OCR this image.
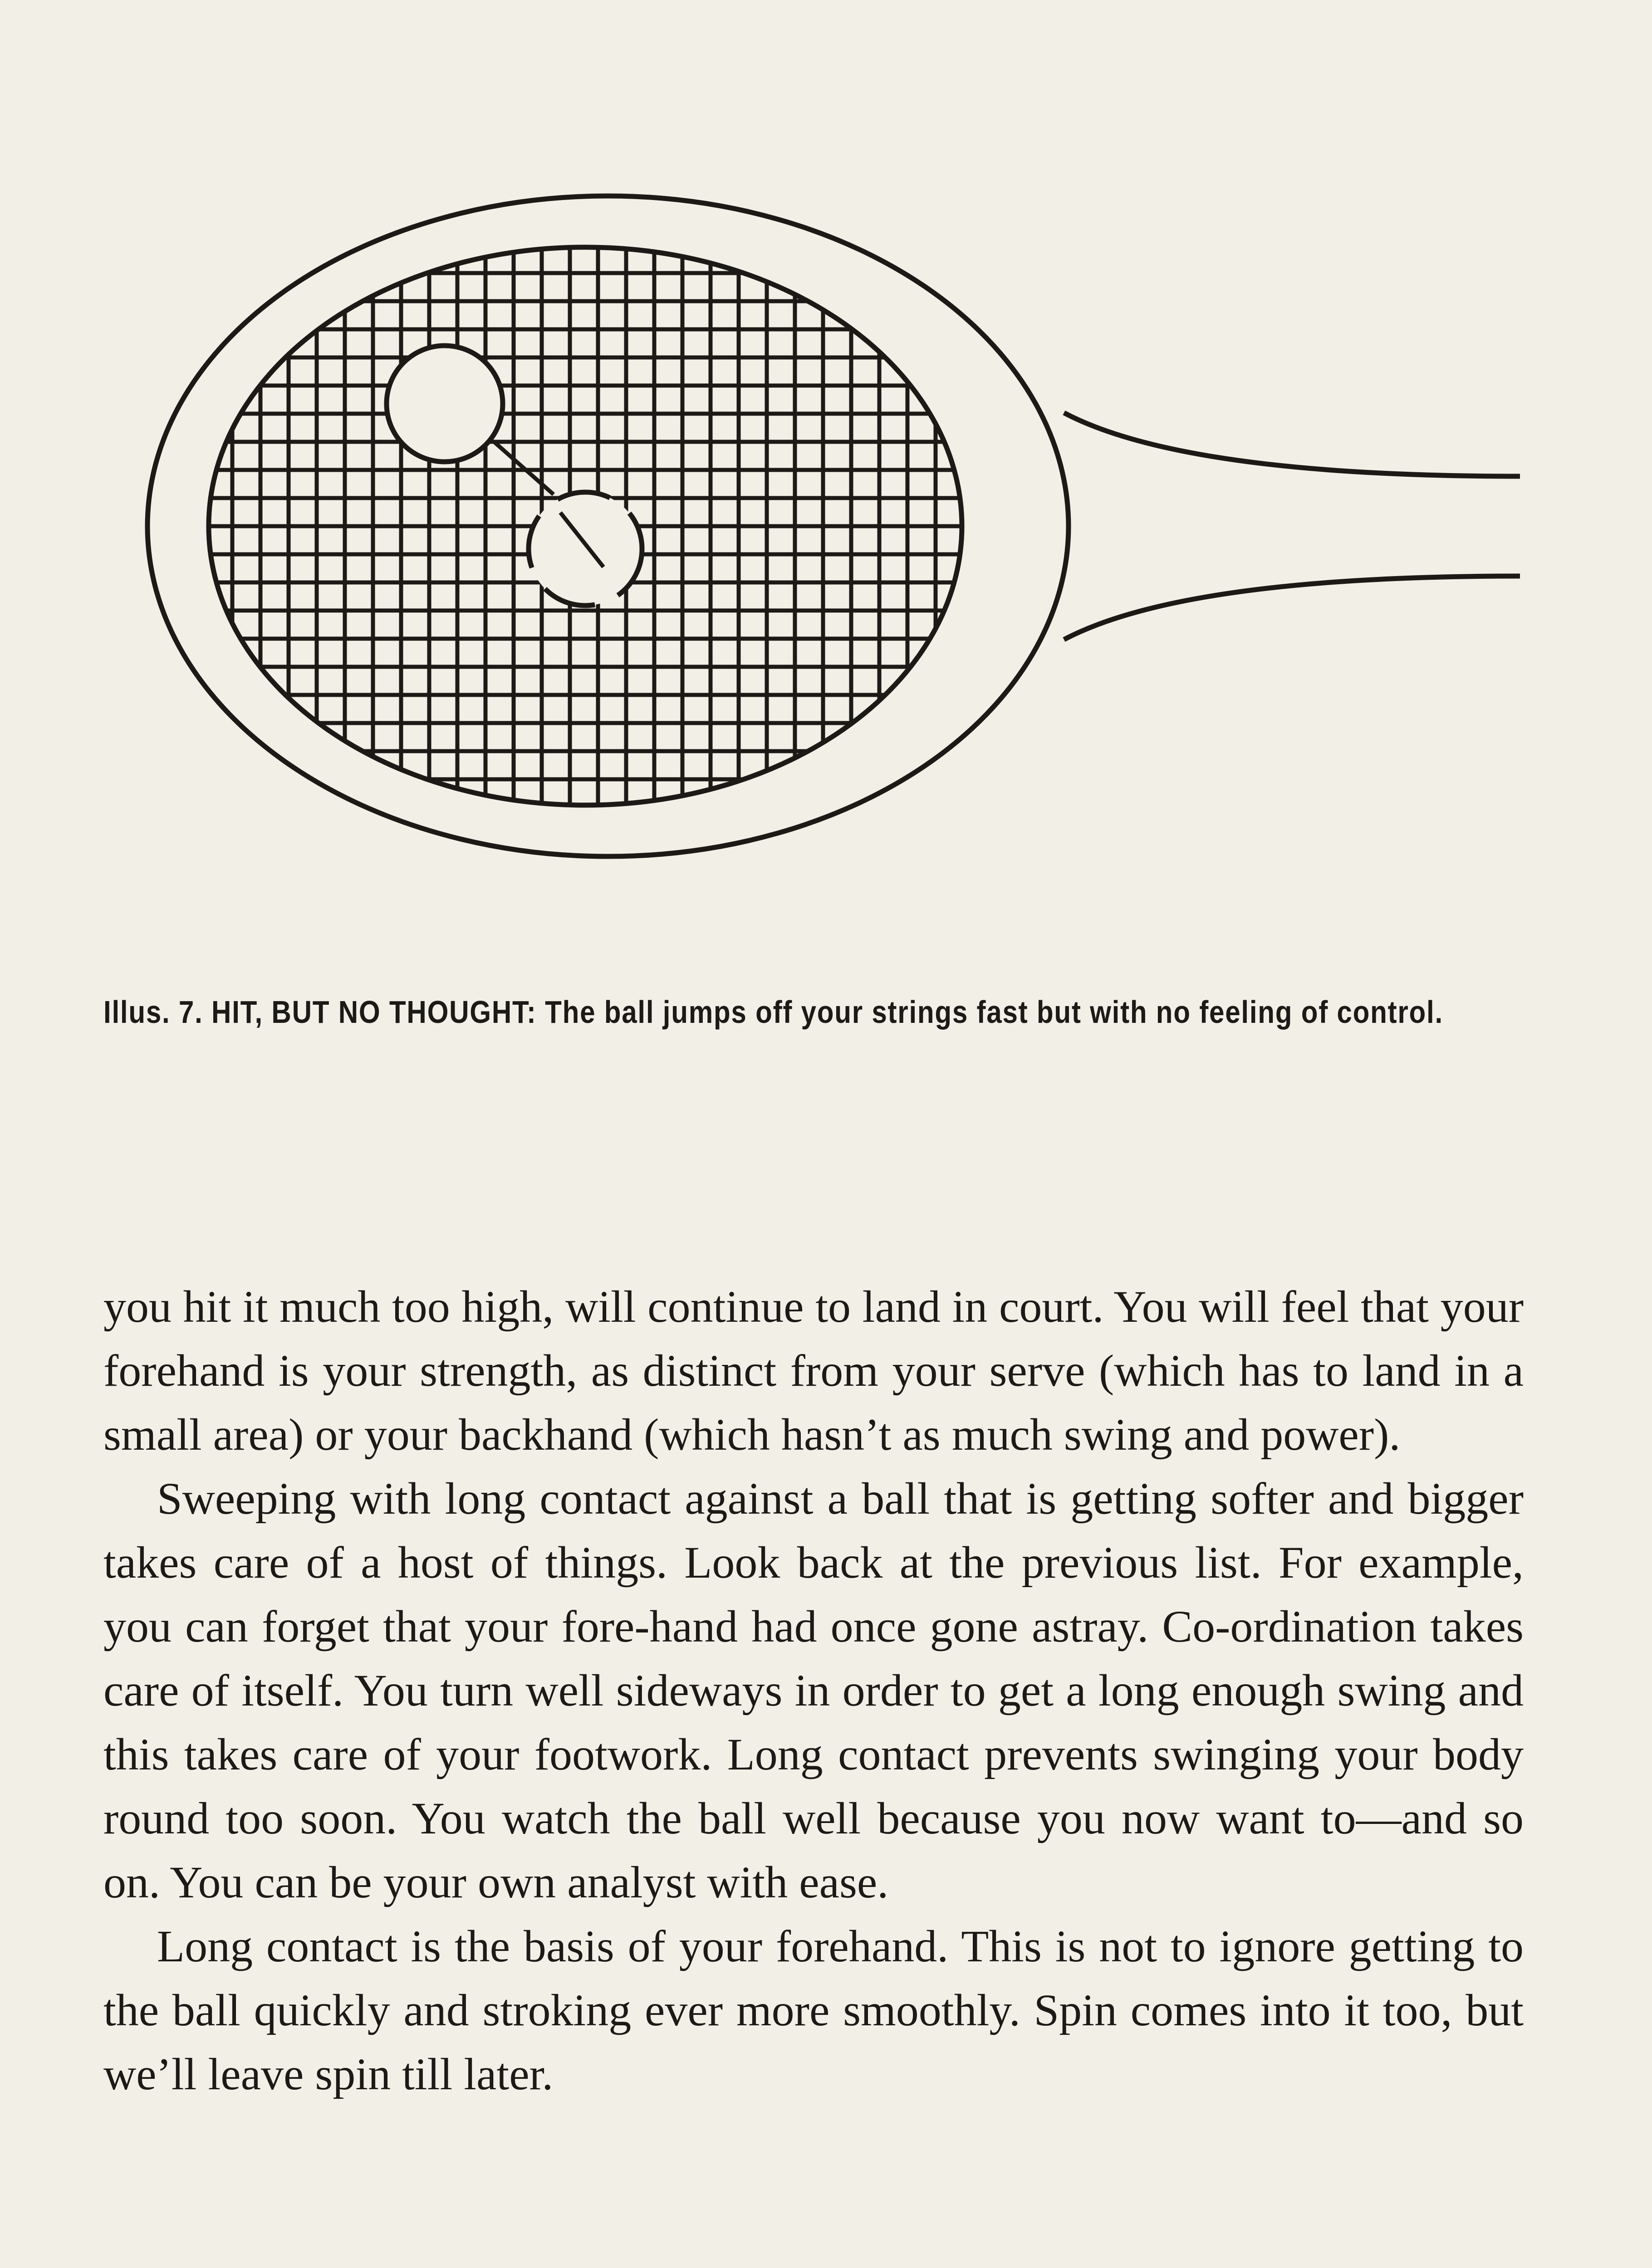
Illus. 7. HIT, BUT NO THOUGHT: The ball jumps off your strings fast but with no feeling of control.

you hit it much too high, will continue to land in court. You will feel that your forehand is your strength, as distinct from your serve (which has to land in a small area) or your backhand (which hasn’t as much swing and power).

Sweeping with long contact against a ball that is getting softer and bigger takes care of a host of things. Look back at the previous list. For example, you can forget that your fore-hand had once gone astray. Co-ordination takes care of itself. You turn well sideways in order to get a long enough swing and this takes care of your footwork. Long contact prevents swinging your body round too soon. You watch the ball well because you now want to—and so on. You can be your own analyst with ease.

Long contact is the basis of your forehand. This is not to ignore getting to the ball quickly and stroking ever more smoothly. Spin comes into it too, but we’ll leave spin till later.
